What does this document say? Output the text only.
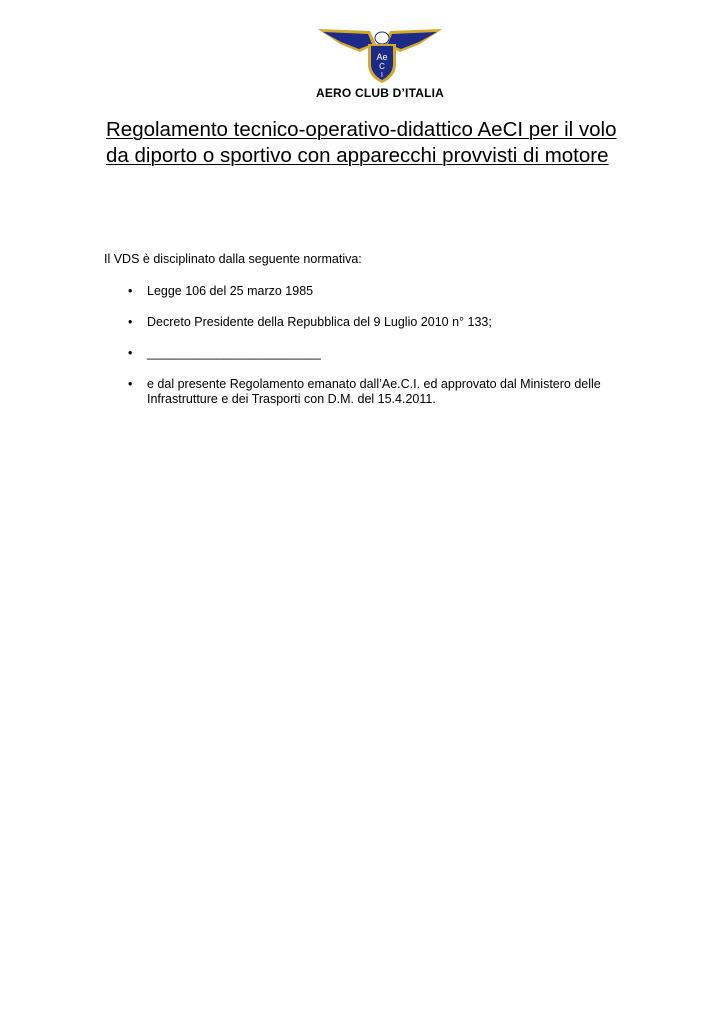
Ae
C
I
AERO CLUB D’ITALIA
Regolamento tecnico-operativo-didattico AeCI per il volo
da diporto o sportivo con apparecchi provvisti di motore

Il VDS è disciplinato dalla seguente normativa:

• Legge 106 del 25 marzo 1985
• Decreto Presidente della Repubblica del 9 Luglio 2010 n° 133;
• _________________________
• e dal presente Regolamento emanato dall’Ae.C.I. ed approvato dal Ministero delle
Infrastrutture e dei Trasporti con D.M. del 15.4.2011.
